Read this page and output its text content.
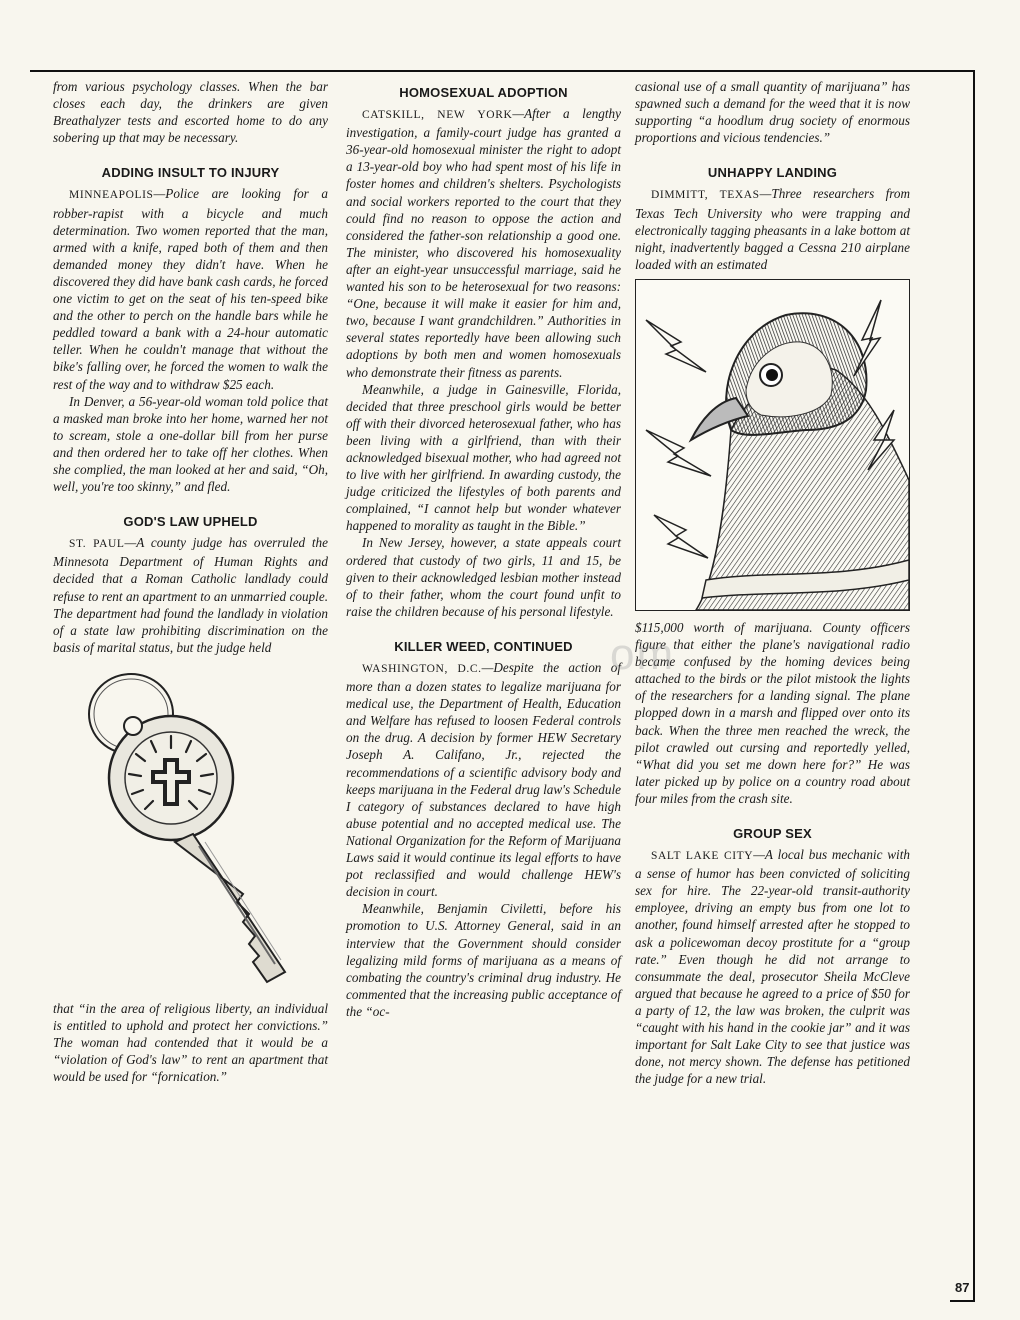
from various psychology classes. When the bar closes each day, the drinkers are given Breathalyzer tests and escorted home to do any sobering up that may be necessary.

ADDING INSULT TO INJURY

MINNEAPOLIS—Police are looking for a robber-rapist with a bicycle and much determination. Two women reported that the man, armed with a knife, raped both of them and then demanded money they didn't have. When he discovered they did have bank cash cards, he forced one victim to get on the seat of his ten-speed bike and the other to perch on the handle bars while he peddled toward a bank with a 24-hour automatic teller. When he couldn't manage that without the bike's falling over, he forced the women to walk the rest of the way and to withdraw $25 each.

In Denver, a 56-year-old woman told police that a masked man broke into her home, warned her not to scream, stole a one-dollar bill from her purse and then ordered her to take off her clothes. When she complied, the man looked at her and said, “Oh, well, you're too skinny,” and fled.

GOD'S LAW UPHELD

ST. PAUL—A county judge has overruled the Minnesota Department of Human Rights and decided that a Roman Catholic landlady could refuse to rent an apartment to an unmarried couple. The department had found the landlady in violation of a state law prohibiting discrimination on the basis of marital status, but the judge held

that “in the area of religious liberty, an individual is entitled to uphold and protect her convictions.” The woman had contended that it would be a “violation of God's law” to rent an apartment that would be used for “fornication.”

HOMOSEXUAL ADOPTION

CATSKILL, NEW YORK—After a lengthy investigation, a family-court judge has granted a 36-year-old homosexual minister the right to adopt a 13-year-old boy who had spent most of his life in foster homes and children's shelters. Psychologists and social workers reported to the court that they could find no reason to oppose the action and considered the father-son relationship a good one. The minister, who discovered his homosexuality after an eight-year unsuccessful marriage, said he wanted his son to be heterosexual for two reasons: “One, because it will make it easier for him and, two, because I want grandchildren.” Authorities in several states reportedly have been allowing such adoptions by both men and women homosexuals who demonstrate their fitness as parents.

Meanwhile, a judge in Gainesville, Florida, decided that three preschool girls would be better off with their divorced heterosexual father, who has been living with a girlfriend, than with their acknowledged bisexual mother, who had agreed not to live with her girlfriend. In awarding custody, the judge criticized the lifestyles of both parents and complained, “I cannot help but wonder whatever happened to morality as taught in the Bible.”

In New Jersey, however, a state appeals court ordered that custody of two girls, 11 and 15, be given to their acknowledged lesbian mother instead of to their father, whom the court found unfit to raise the children because of his personal lifestyle.

KILLER WEED, CONTINUED

WASHINGTON, D.C.—Despite the action of more than a dozen states to legalize marijuana for medical use, the Department of Health, Education and Welfare has refused to loosen Federal controls on the drug. A decision by former HEW Secretary Joseph A. Califano, Jr., rejected the recommendations of a scientific advisory body and keeps marijuana in the Federal drug law's Schedule I category of substances declared to have high abuse potential and no accepted medical use. The National Organization for the Reform of Marijuana Laws said it would continue its legal efforts to have pot reclassified and would challenge HEW's decision in court.

Meanwhile, Benjamin Civiletti, before his promotion to U.S. Attorney General, said in an interview that the Government should consider legalizing mild forms of marijuana as a means of combating the country's criminal drug industry. He commented that the increasing public acceptance of the “oc-

casional use of a small quantity of marijuana” has spawned such a demand for the weed that it is now supporting “a hoodlum drug society of enormous proportions and vicious tendencies.”

UNHAPPY LANDING

DIMMITT, TEXAS—Three researchers from Texas Tech University who were trapping and electronically tagging pheasants in a lake bottom at night, inadvertently bagged a Cessna 210 airplane loaded with an estimated

$115,000 worth of marijuana. County officers figure that either the plane's navigational radio became confused by the homing devices being attached to the birds or the pilot mistook the lights of the researchers for a landing signal. The plane plopped down in a marsh and flipped over onto its back. When the three men reached the wreck, the pilot crawled out cursing and reportedly yelled, “What did you set me down here for?” He was later picked up by police on a country road about four miles from the crash site.

GROUP SEX

SALT LAKE CITY—A local bus mechanic with a sense of humor has been convicted of soliciting sex for hire. The 22-year-old transit-authority employee, driving an empty bus from one lot to another, found himself arrested after he stopped to ask a policewoman decoy prostitute for a “group rate.” Even though he did not arrange to consummate the deal, prosecutor Sheila McCleve argued that because he agreed to a price of $50 for a party of 12, the law was broken, the culprit was “caught with his hand in the cookie jar” and it was important for Salt Lake City to see that justice was done, not mercy shown. The defense has petitioned the judge for a new trial.

om
87
